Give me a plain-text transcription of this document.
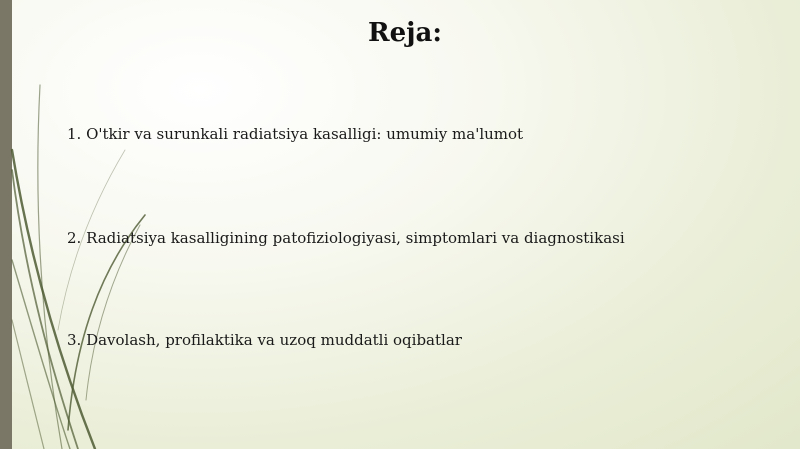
Reja:
1. O'tkir va surunkali radiatsiya kasalligi: umumiy ma'lumot
2. Radiatsiya kasalligining patofiziologiyasi, simptomlari va diagnostikasi
3. Davolash, profilaktika va uzoq muddatli oqibatlar
